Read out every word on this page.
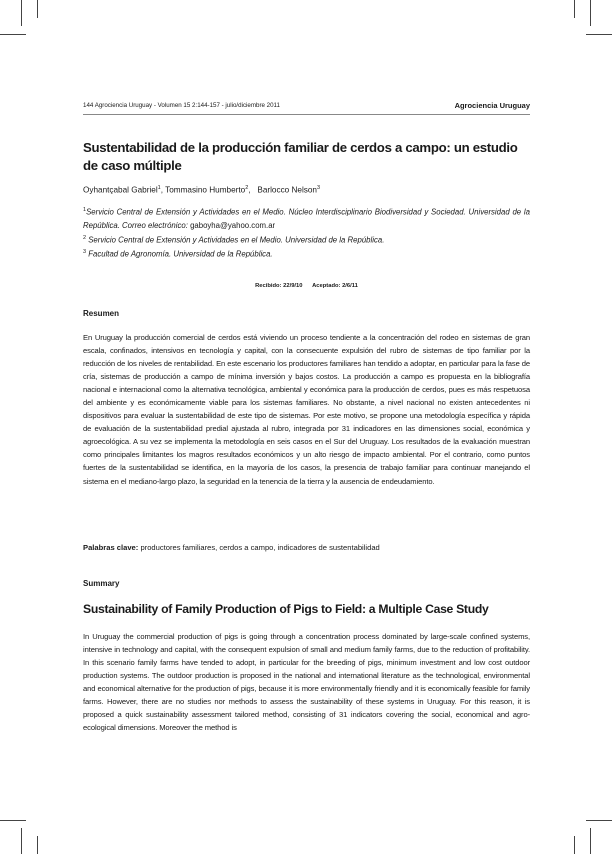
144 Agrociencia Uruguay - Volumen 15 2:144-157 - julio/diciembre 2011	Agrociencia Uruguay
Sustentabilidad de la producción familiar de cerdos a campo: un estudio de caso múltiple
Oyhantçabal Gabriel$^1$, Tommasino Humberto$^2$,   Barlocco Nelson$^3$

$^1$Servicio Central de Extensión y Actividades en el Medio. Núcleo Interdisciplinario Biodiversidad y Sociedad. Universidad de la República. Correo electrónico: gaboyha@yahoo.com.ar

$^2$ Servicio Central de Extensión y Actividades en el Medio. Universidad de la República.

$^3$ Facultad de Agronomía. Universidad de la República.

Recibido: 22/9/10 Aceptado: 2/6/11
Resumen

En Uruguay la producción comercial de cerdos está viviendo un proceso tendiente a la concentración del rodeo en sistemas de gran escala, confinados, intensivos en tecnología y capital, con la consecuente expulsión del rubro de sistemas de tipo familiar por la reducción de los niveles de rentabilidad. En este escenario los productores familiares han tendido a adoptar, en particular para la fase de cría, sistemas de producción a campo de mínima inversión y bajos costos. La producción a campo es propuesta en la bibliografía nacional e internacional como la alternativa tecnológica, ambiental y económica para la producción de cerdos, pues es más respetuosa del ambiente y es económicamente viable para los sistemas familiares. No obstante, a nivel nacional no existen antecedentes ni dispositivos para evaluar la sustentabilidad de este tipo de sistemas. Por este motivo, se propone una metodología específica y rápida de evaluación de la sustentabilidad predial ajustada al rubro, integrada por 31 indicadores en las dimensiones social, económica y agroecológica. A su vez se implementa la metodología en seis casos en el Sur del Uruguay. Los resultados de la evaluación muestran como principales limitantes los magros resultados económicos y un alto riesgo de impacto ambiental. Por el contrario, como puntos fuertes de la sustentabilidad se identifica, en la mayoría de los casos, la presencia de trabajo familiar para continuar manejando el sistema en el mediano-largo plazo, la seguridad en la tenencia de la tierra y la ausencia de endeudamiento.

Palabras clave: productores familiares, cerdos a campo, indicadores de sustentabilidad
Summary
Sustainability of Family Production of Pigs to Field: a Multiple Case Study

In Uruguay the commercial production of pigs is going through a concentration process dominated by large-scale confined systems, intensive in technology and capital, with the consequent expulsion of small and medium family farms, due to the reduction of profitability. In this scenario family farms have tended to adopt, in particular for the breeding of pigs, minimum investment and low cost outdoor production systems. The outdoor production is proposed in the national and international literature as the technological, environmental and economical alternative for the production of pigs, because it is more environmentally friendly and it is economically feasible for family farms. However, there are no studies nor methods to assess the sustainability of these systems in Uruguay. For this reason, it is proposed a quick sustainability assessment tailored method, consisting of 31 indicators covering the social, economical and agro-ecological dimensions. Moreover the method is
